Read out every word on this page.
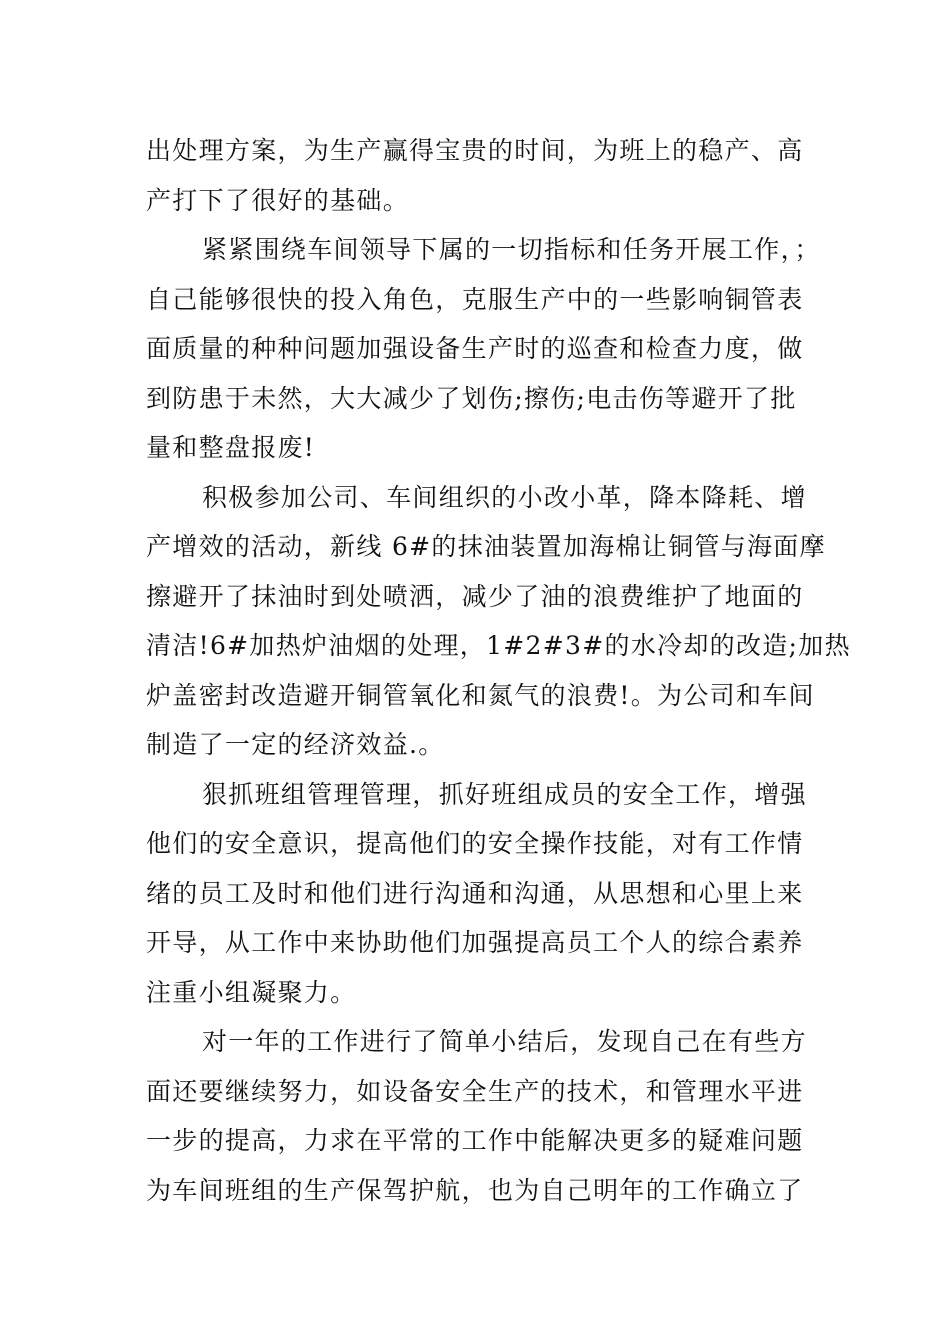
出处理方案，为生产赢得宝贵的时间，为班上的稳产、高
产打下了很好的基础。
紧紧围绕车间领导下属的一切指标和任务开展工作，；
自己能够很快的投入角色，克服生产中的一些影响铜管表
面质量的种种问题加强设备生产时的巡查和检查力度，做
到防患于未然，大大减少了划伤;擦伤;电击伤等避开了批
量和整盘报废!
积极参加公司、车间组织的小改小革，降本降耗、增
产增效的活动，新线 6#的抹油装置加海棉让铜管与海面摩
擦避开了抹油时到处喷洒，减少了油的浪费维护了地面的
清洁!6#加热炉油烟的处理，1#2#3#的水冷却的改造;加热
炉盖密封改造避开铜管氧化和氮气的浪费!。为公司和车间
制造了一定的经济效益.。
狠抓班组管理管理，抓好班组成员的安全工作，增强
他们的安全意识，提高他们的安全操作技能，对有工作情
绪的员工及时和他们进行沟通和沟通，从思想和心里上来
开导，从工作中来协助他们加强提高员工个人的综合素养
注重小组凝聚力。
对一年的工作进行了简单小结后，发现自己在有些方
面还要继续努力，如设备安全生产的技术，和管理水平进
一步的提高，力求在平常的工作中能解决更多的疑难问题
为车间班组的生产保驾护航，也为自己明年的工作确立了
